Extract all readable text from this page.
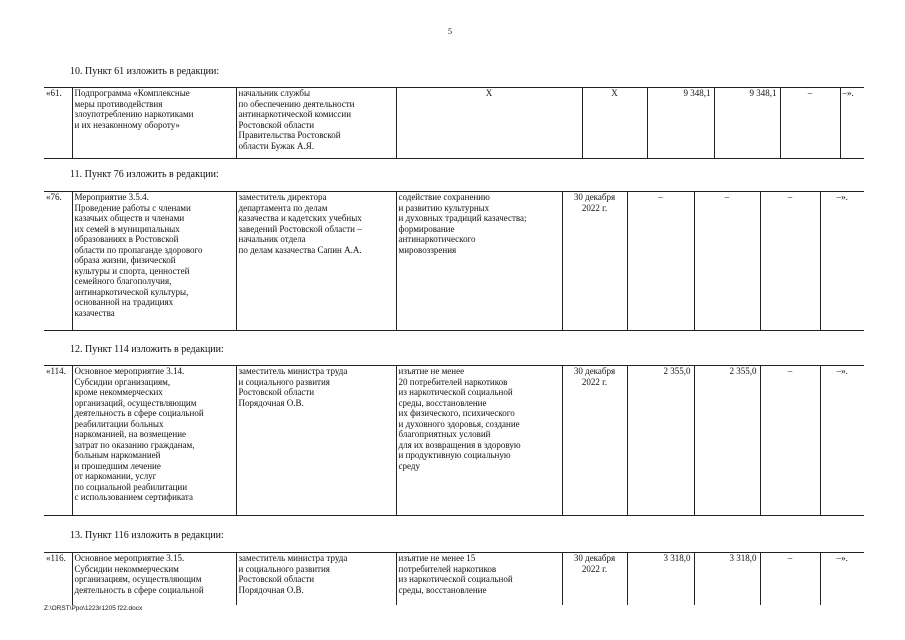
5
10. Пункт 61 изложить в редакции:
«61.	Подпрограмма «Комплексные
меры противодействия
злоупотреблению наркотиками
и их незаконному обороту»	начальник службы
по обеспечению деятельности
антинаркотической комиссии
Ростовской области
Правительства Ростовской
области Бужак А.Я.	Х	Х	9 348,1	9 348,1	–	–».
11. Пункт 76 изложить в редакции:
«76.	Мероприятие 3.5.4.
Проведение работы с членами
казачьих обществ и членами
их семей в муниципальных
образованиях в Ростовской
области по пропаганде здорового
образа жизни, физической
культуры и спорта, ценностей
семейного благополучия,
антинаркотической культуры,
основанной на традициях
казачества	заместитель директора
департамента по делам
казачества и кадетских учебных
заведений Ростовской области –
начальник отдела
по делам казачества Сапин А.А.	содействие сохранению
и развитию культурных
и духовных традиций казачества;
формирование
антинаркотического
мировоззрения	30 декабря
2022 г.	–	–	–	–».
12. Пункт 114 изложить в редакции:
«114.	Основное мероприятие 3.14.
Субсидии организациям,
кроме некоммерческих
организаций, осуществляющим
деятельность в сфере социальной
реабилитации больных
наркоманией, на возмещение
затрат по оказанию гражданам,
больным наркоманией
и прошедшим лечение
от наркомании, услуг
по социальной реабилитации
с использованием сертификата	заместитель министра труда
и социального развития
Ростовской области
Порядочная О.В.	изъятие не менее
20 потребителей наркотиков
из наркотической социальной
среды, восстановление
их физического, психического
и духовного здоровья, создание
благоприятных условий
для их возвращения в здоровую
и продуктивную социальную
среду	30 декабря
2022 г.	2 355,0	2 355,0	–	–».
13. Пункт 116 изложить в редакции:
«116.	Основное мероприятие 3.15.
Субсидии некоммерческим
организациям, осуществляющим
деятельность в сфере социальной	заместитель министра труда
и социального развития
Ростовской области
Порядочная О.В.	изъятие не менее 15
потребителей наркотиков
из наркотической социальной
среды, восстановление	30 декабря
2022 г.	3 318,0	3 318,0	–	–».
Z:\ORST\Ppo\1223r1205 f22.docx
